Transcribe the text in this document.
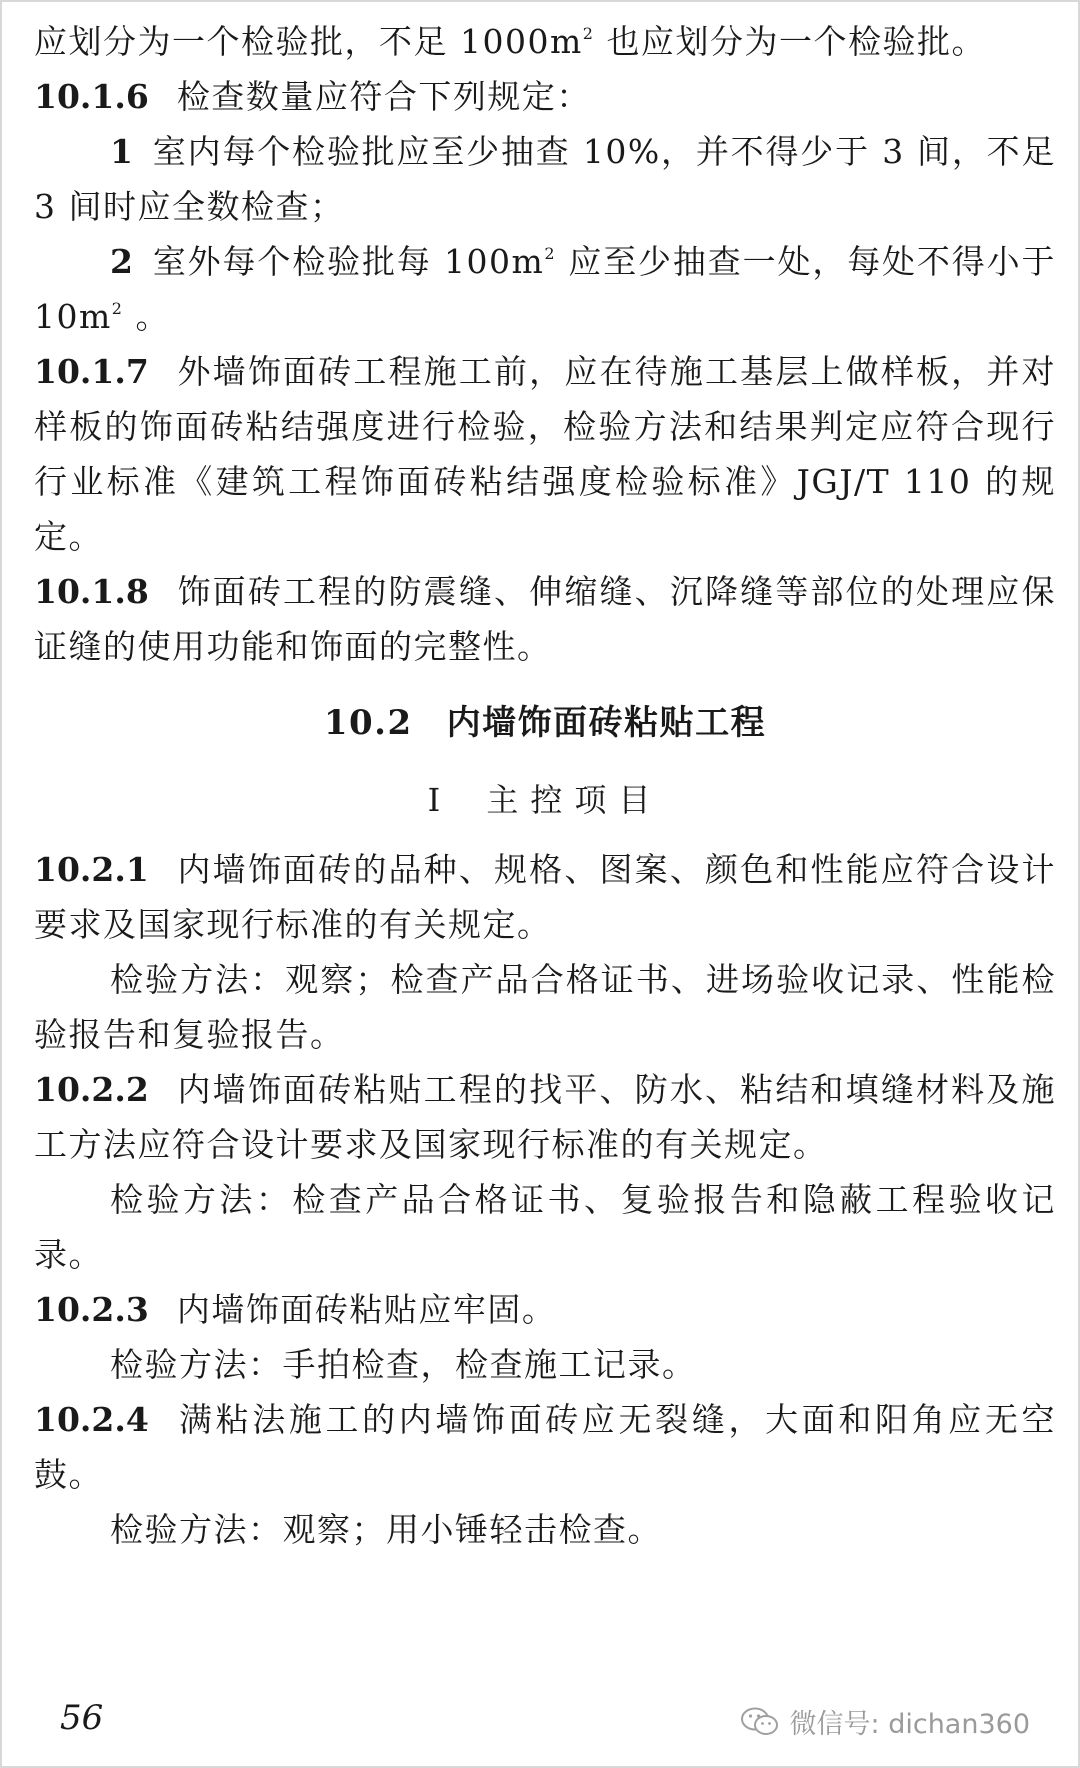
应划分为一个检验批，不足 $1000m^2$ 也应划分为一个检验批。

10.1.6 检查数量应符合下列规定：

1 室内每个检验批应至少抽查 10%，并不得少于 3 间，不足 3 间时应全数检查；

2 室外每个检验批每 $100m^2$ 应至少抽查一处，每处不得小于 $10m^2$ 。

10.1.7 外墙饰面砖工程施工前，应在待施工基层上做样板，并对样板的饰面砖粘结强度进行检验，检验方法和结果判定应符合现行行业标准《建筑工程饰面砖粘结强度检验标准》JGJ/T 110 的规定。

10.1.8 饰面砖工程的防震缝、伸缩缝、沉降缝等部位的处理应保证缝的使用功能和饰面的完整性。

10.2 内墙饰面砖粘贴工程
Ⅰ 主控项目

10.2.1 内墙饰面砖的品种、规格、图案、颜色和性能应符合设计要求及国家现行标准的有关规定。

检验方法：观察；检查产品合格证书、进场验收记录、性能检验报告和复验报告。

10.2.2 内墙饰面砖粘贴工程的找平、防水、粘结和填缝材料及施工方法应符合设计要求及国家现行标准的有关规定。

检验方法：检查产品合格证书、复验报告和隐蔽工程验收记录。

10.2.3 内墙饰面砖粘贴应牢固。

检验方法：手拍检查，检查施工记录。

10.2.4 满粘法施工的内墙饰面砖应无裂缝，大面和阳角应无空鼓。

检验方法：观察；用小锤轻击检查。

56	微信号: dichan360
